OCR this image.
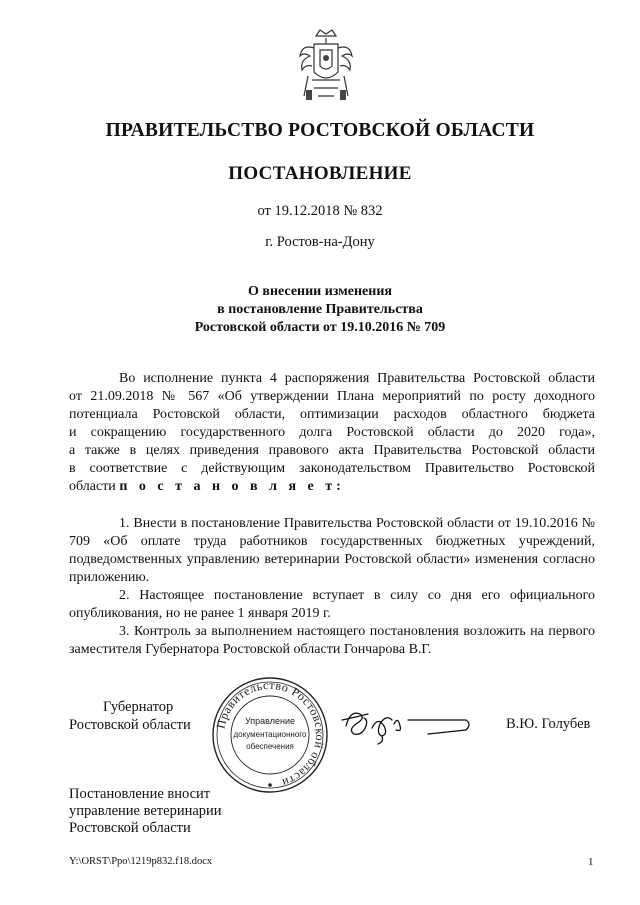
ПРАВИТЕЛЬСТВО РОСТОВСКОЙ ОБЛАСТИ
ПОСТАНОВЛЕНИЕ
от 19.12.2018 № 832
г. Ростов-на-Дону
О внесении изменения
в постановление Правительства
Ростовской области от 19.10.2016 № 709
Во исполнение пункта 4 распоряжения Правительства Ростовской области
от 21.09.2018 № 567 «Об утверждении Плана мероприятий по росту доходного
потенциала Ростовской области, оптимизации расходов областного бюджета
и сокращению государственного долга Ростовской области до 2020 года»,
а также в целях приведения правового акта Правительства Ростовской области
в соответствие с действующим законодательством Правительство Ростовской
области п о с т а н о в л я е т:
1. Внести в постановление Правительства Ростовской области от 19.10.2016 № 709 «Об оплате труда работников государственных бюджетных учреждений, подведомственных управлению ветеринарии Ростовской области» изменения согласно приложению.
2. Настоящее постановление вступает в силу со дня его официального опубликования, но не ранее 1 января 2019 г.
3. Контроль за выполнением настоящего постановления возложить на первого заместителя Губернатора Ростовской области Гончарова В.Г.
Губернатор
Ростовской области Правительство Ростовской области
Управление
документационного
обеспечения
В.Ю. Голубев
Постановление вносит
управление ветеринарии
Ростовской области
Y:\ORST\Ppo\1219p832.f18.docx	1
